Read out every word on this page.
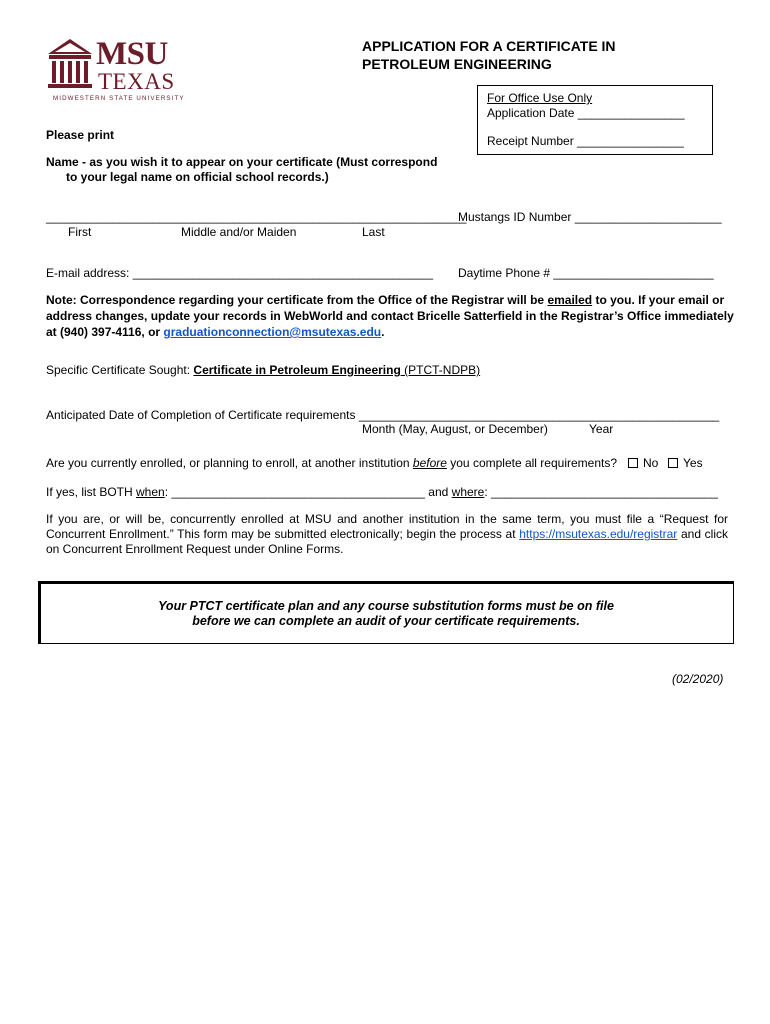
MSU
TEXAS
MIDWESTERN STATE UNIVERSITY
APPLICATION FOR A CERTIFICATE IN
PETROLEUM ENGINEERING
For Office Use Only
Application Date ________________
Receipt Number ________________
Please print
Name - as you wish it to appear on your certificate (Must correspond
to your legal name on official school records.)
_______________________________________________________________
Mustangs ID Number ______________________
First	Middle and/or Maiden	Last
E-mail address: _____________________________________________ Daytime Phone # ________________________
Note: Correspondence regarding your certificate from the Office of the Registrar will be emailed to you. If your email or address changes, update your records in WebWorld and contact Bricelle Satterfield in the Registrar’s Office immediately at (940) 397-4116, or graduationconnection@msutexas.edu.
Specific Certificate Sought: Certificate in Petroleum Engineering (PTCT-NDPB)
Anticipated Date of Completion of Certificate requirements ______________________________________________________
Month (May, August, or December)	Year
Are you currently enrolled, or planning to enroll, at another institution before you complete all requirements?	No	Yes
If yes, list BOTH when: ______________________________________ and where: __________________________________
If you are, or will be, concurrently enrolled at MSU and another institution in the same term, you must file a “Request for Concurrent Enrollment.” This form may be submitted electronically; begin the process at https://msutexas.edu/registrar and click on Concurrent Enrollment Request under Online Forms.
Your PTCT certificate plan and any course substitution forms must be on file
before we can complete an audit of your certificate requirements.
(02/2020)
